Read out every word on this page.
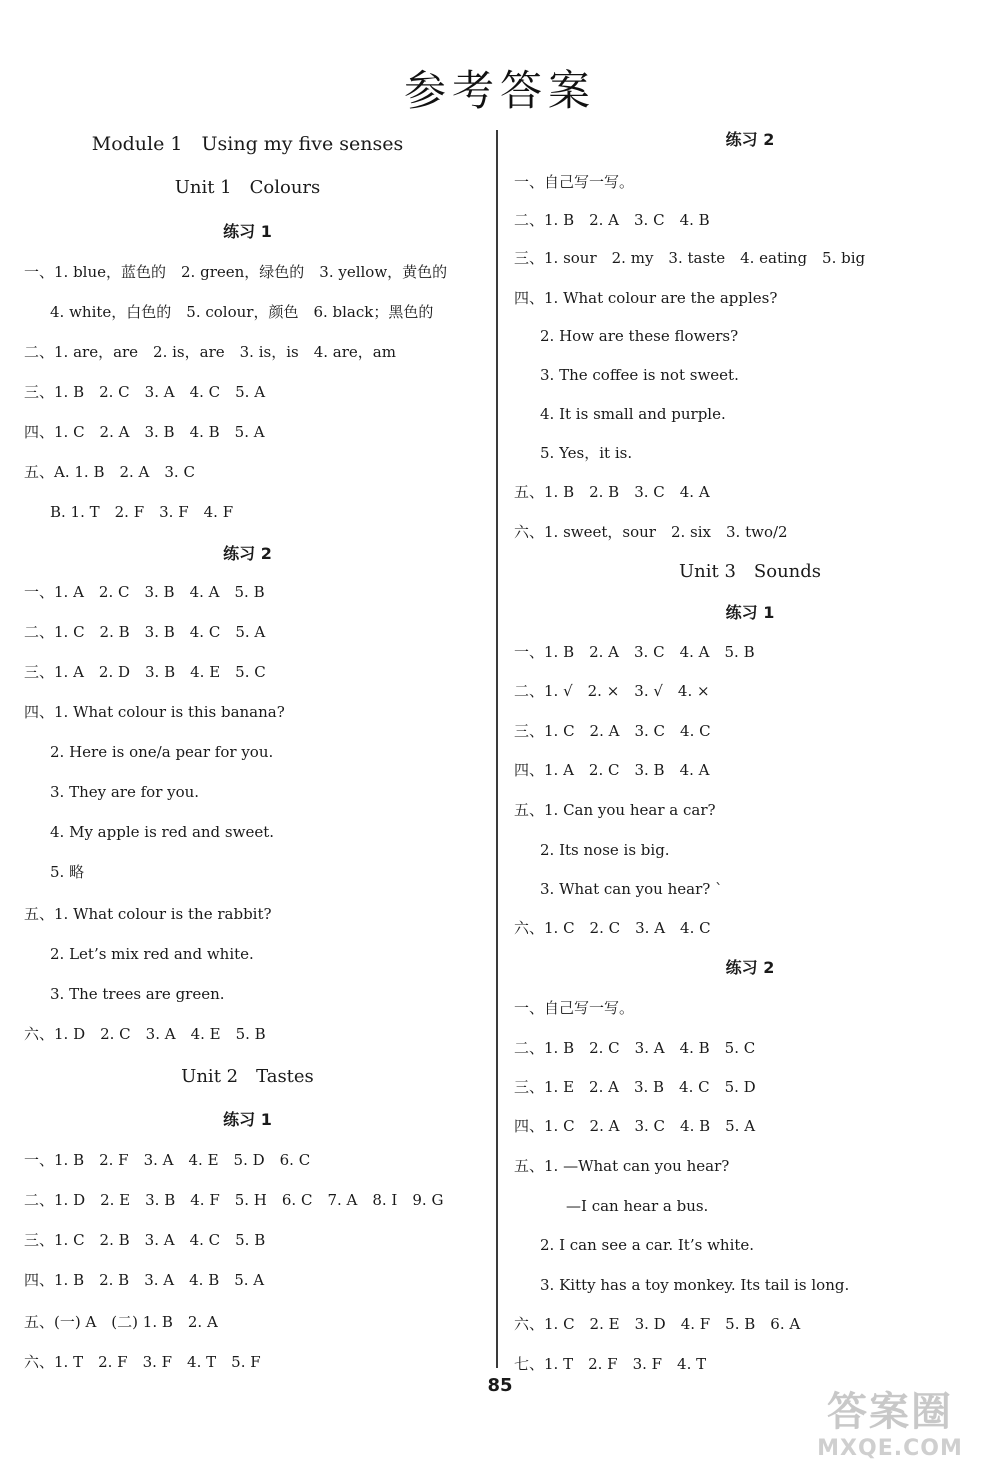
参考答案
Module 1　Using my five senses
Unit 1　Colours
练习 1
一、1. blue，蓝色的　2. green，绿色的　3. yellow，黄色的
4. white，白色的　5. colour，颜色　6. black；黑色的
二、1. are，are　2. is，are　3. is，is　4. are，am
三、1. B　2. C　3. A　4. C　5. A
四、1. C　2. A　3. B　4. B　5. A
五、A. 1. B　2. A　3. C
B. 1. T　2. F　3. F　4. F
练习 2
一、1. A　2. C　3. B　4. A　5. B
二、1. C　2. B　3. B　4. C　5. A
三、1. A　2. D　3. B　4. E　5. C
四、1. What colour is this banana?
2. Here is one/a pear for you.
3. They are for you.
4. My apple is red and sweet.
5. 略
五、1. What colour is the rabbit?
2. Let’s mix red and white.
3. The trees are green.
六、1. D　2. C　3. A　4. E　5. B
Unit 2　Tastes
练习 1
一、1. B　2. F　3. A　4. E　5. D　6. C
二、1. D　2. E　3. B　4. F　5. H　6. C　7. A　8. I　9. G
三、1. C　2. B　3. A　4. C　5. B
四、1. B　2. B　3. A　4. B　5. A
五、(一) A　(二) 1. B　2. A
六、1. T　2. F　3. F　4. T　5. F
练习 2
一、自己写一写。
二、1. B　2. A　3. C　4. B
三、1. sour　2. my　3. taste　4. eating　5. big
四、1. What colour are the apples?
2. How are these flowers?
3. The coffee is not sweet.
4. It is small and purple.
5. Yes，it is.
五、1. B　2. B　3. C　4. A
六、1. sweet，sour　2. six　3. two/2
Unit 3　Sounds
练习 1
一、1. B　2. A　3. C　4. A　5. B
二、1. √　2. ×　3. √　4. ×
三、1. C　2. A　3. C　4. C
四、1. A　2. C　3. B　4. A
五、1. Can you hear a car?
2. Its nose is big.
3. What can you hear? `
六、1. C　2. C　3. A　4. C
练习 2
一、自己写一写。
二、1. B　2. C　3. A　4. B　5. C
三、1. E　2. A　3. B　4. C　5. D
四、1. C　2. A　3. C　4. B　5. A
五、1. —What can you hear?
—I can hear a bus.
2. I can see a car. It’s white.
3. Kitty has a toy monkey. Its tail is long.
六、1. C　2. E　3. D　4. F　5. B　6. A
七、1. T　2. F　3. F　4. T
85
答案圈
MXQE.COM
